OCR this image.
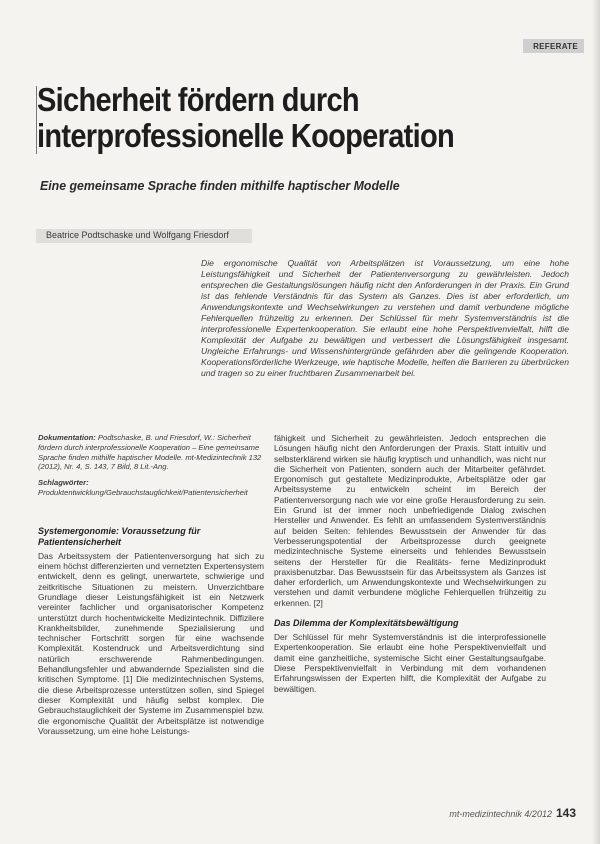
REFERATE
Sicherheit fördern durch
interprofessionelle Kooperation
Eine gemeinsame Sprache finden mithilfe haptischer Modelle
Beatrice Podtschaske und Wolfgang Friesdorf

Die ergonomische Qualität von Arbeitsplätzen ist Voraussetzung, um eine hohe Leistungsfähigkeit und Sicherheit der Patientenversorgung zu gewährleisten. Jedoch entsprechen die Gestaltungslösungen häufig nicht den Anforderungen in der Praxis. Ein Grund ist das fehlende Verständnis für das System als Ganzes. Dies ist aber erforderlich, um Anwendungskontexte und Wechselwirkungen zu verstehen und damit verbundene mögliche Fehlerquellen frühzeitig zu erkennen. Der Schlüssel für mehr Systemverständnis ist die interprofessionelle Expertenkooperation. Sie erlaubt eine hohe Perspektivenvielfalt, hilft die Komplexität der Aufgabe zu bewältigen und verbessert die Lösungsfähigkeit insgesamt. Ungleiche Erfahrungs- und Wissenshintergründe gefährden aber die gelingende Kooperation. Kooperationsförderliche Werkzeuge, wie haptische Modelle, helfen die Barrieren zu überbrücken und tragen so zu einer fruchtbaren Zusammenarbeit bei.

Dokumentation: Podtschaske, B. und Friesdorf, W.: Sicherheit fördern durch interprofessionelle Kooperation – Eine gemeinsame Sprache finden mithilfe haptischer Modelle. mt-Medizintechnik 132 (2012), Nr. 4, S. 143, 7 Bild, 8 Lit.-Ang.

Schlagwörter: Produktentwicklung/Gebrauchstauglichkeit/Patientensicherheit

Systemergonomie: Voraussetzung für Patientensicherheit

Das Arbeitssystem der Patientenversorgung hat sich zu einem höchst differenzierten und vernetzten Expertensystem entwickelt, denn es gelingt, unerwartete, schwierige und zeitkritische Situationen zu meistern. Unverzichtbare Grundlage dieser Leistungsfähigkeit ist ein Netzwerk vereinter fachlicher und organisatorischer Kompetenz unterstützt durch hochentwickelte Medizintechnik. Diffizilere Krankheitsbilder, zunehmende Spezialisierung und technischer Fortschritt sorgen für eine wachsende Komplexität. Kostendruck und Arbeitsverdichtung sind natürlich erschwerende Rahmenbedingungen. Behandlungsfehler und abwandernde Spezialisten sind die kritischen Symptome. [1] Die medizintechnischen Systems, die diese Arbeitsprozesse unterstützen sollen, sind Spiegel dieser Komplexität und häufig selbst komplex. Die Gebrauchstauglichkeit der Systeme im Zusammenspiel bzw. die ergonomische Qualität der Arbeitsplätze ist notwendige Voraussetzung, um eine hohe Leistungs-

fähigkeit und Sicherheit zu gewährleisten. Jedoch entsprechen die Lösungen häufig nicht den Anforderungen der Praxis. Statt intuitiv und selbsterklärend wirken sie häufig kryptisch und unhandlich, was nicht nur die Sicherheit von Patienten, sondern auch der Mitarbeiter gefährdet. Ergonomisch gut gestaltete Medizinprodukte, Arbeitsplätze oder gar Arbeitssysteme zu entwickeln scheint im Bereich der Patientenversorgung nach wie vor eine große Herausforderung zu sein. Ein Grund ist der immer noch unbefriedigende Dialog zwischen Hersteller und Anwender. Es fehlt an umfassendem Systemverständnis auf beiden Seiten: fehlendes Bewusstsein der Anwender für das Verbesserungspotential der Arbeitsprozesse durch geeignete medizintechnische Systeme einerseits und fehlendes Bewusstsein seitens der Hersteller für die Realitäts- ferne Medizinprodukt praxisbenutzbar. Das Bewusstsein für das Arbeitssystem als Ganzes ist daher erforderlich, um Anwendungskontexte und Wechselwirkungen zu verstehen und damit verbundene mögliche Fehlerquellen frühzeitig zu erkennen. [2]

Das Dilemma der Komplexitätsbewältigung

Der Schlüssel für mehr Systemverständnis ist die interprofessionelle Expertenkooperation. Sie erlaubt eine hohe Perspektivenvielfalt und damit eine ganzheitliche, systemische Sicht einer Gestaltungsaufgabe. Diese Perspektivenvielfalt in Verbindung mit dem vorhandenen Erfahrungswissen der Experten hilft, die Komplexität der Aufgabe zu bewältigen.

mt-medizintechnik 4/2012 143
